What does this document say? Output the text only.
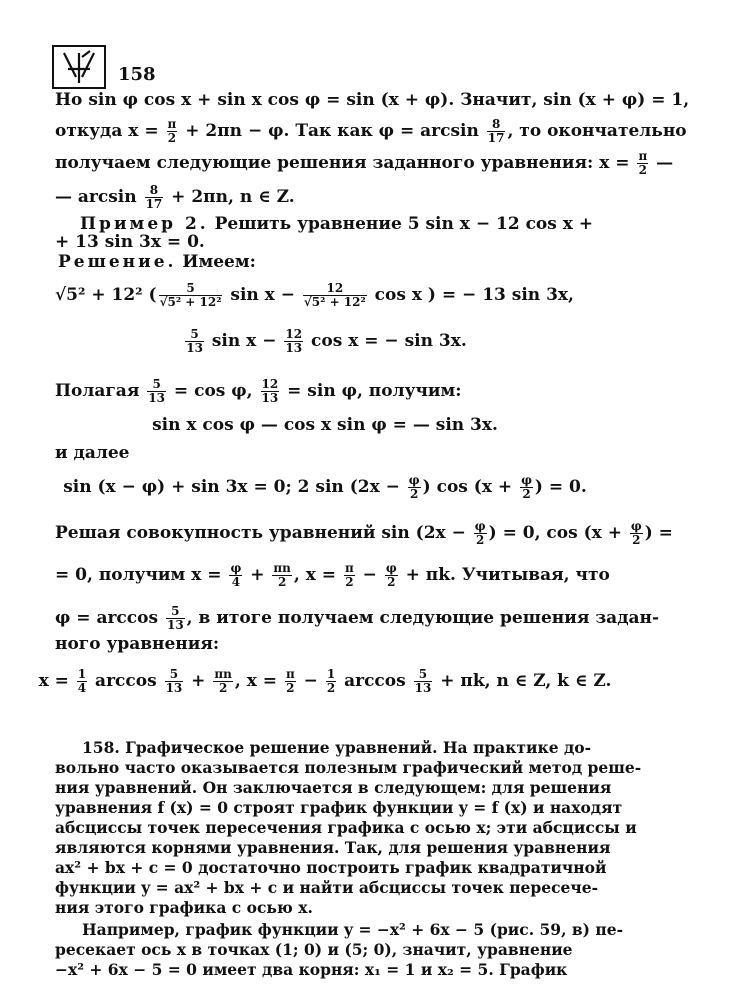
158
Но sin φ cos x + sin x cos φ = sin (x + φ). Значит, sin (x + φ) = 1,
откуда $x = \frac{\pi}{2} + 2\pi n - \varphi$. Так как $\varphi = \arcsin \frac{8}{17}$ , то окончательно
получаем следующие решения заданного уравнения: $x = \frac{\pi}{2}$ —
— $\arcsin \frac{8}{17} + 2\pi n$, n ∈ Z.
Пример 2. Решить уравнение 5 sin x − 12 cos x +
+ 13 sin 3x = 0.
Решение. Имеем:
√5² + 12² ( $\frac{5}{\text{√5² + 12²}}$ $\sin x - \frac{12}{\text{√5² + 12²}}$ cos x ) = − 13 sin 3x,
$\frac{5}{13}$ $\sin x - \frac{12}{13}$ cos x = − sin 3x.
Полагая $\frac{5}{13} = \cos \varphi$, $\frac{12}{13} = \sin \varphi$, получим:
sin x cos φ — cos x sin φ = — sin 3x.
и далее
sin (x − φ) + sin 3x = 0; 2 $\sin (2x - \frac{\varphi}{2}$ ) $\cos (x + \frac{\varphi}{2}$ ) = 0.
Решая совокупность уравнений $\sin (2x - \frac{\varphi}{2}$ ) = 0, $\cos (x + \frac{\varphi}{2}$ ) =
= 0, получим $x = \frac{\varphi}{4} + \frac{\pi n}{2}$ , $x = \frac{\pi}{2} - \frac{\varphi}{2} + \pi k$. Учитывая, что
$\varphi = \arccos \frac{5}{13}$ , в итоге получаем следующие решения задан-
ного уравнения:
$x = \frac{1}{4}$ $\arccos \frac{5}{13} + \frac{\pi n}{2}$ , $x = \frac{\pi}{2} - \frac{1}{2}$ $\arccos \frac{5}{13} + \pi k$, n ∈ Z, k ∈ Z.
158. Графическое решение уравнений. На практике до-
вольно часто оказывается полезным графический метод реше-
ния уравнений. Он заключается в следующем: для решения
уравнения f (x) = 0 строят график функции y = f (x) и находят
абсциссы точек пересечения графика с осью x; эти абсциссы и
являются корнями уравнения. Так, для решения уравнения
ax² + bx + c = 0 достаточно построить график квадратичной
функции y = ax² + bx + c и найти абсциссы точек пересече-
ния этого графика с осью x.
Например, график функции y = −x² + 6x − 5 (рис. 59, в) пе-
ресекает ось x в точках (1; 0) и (5; 0), значит, уравнение
−x² + 6x − 5 = 0 имеет два корня: x₁ = 1 и x₂ = 5. График
